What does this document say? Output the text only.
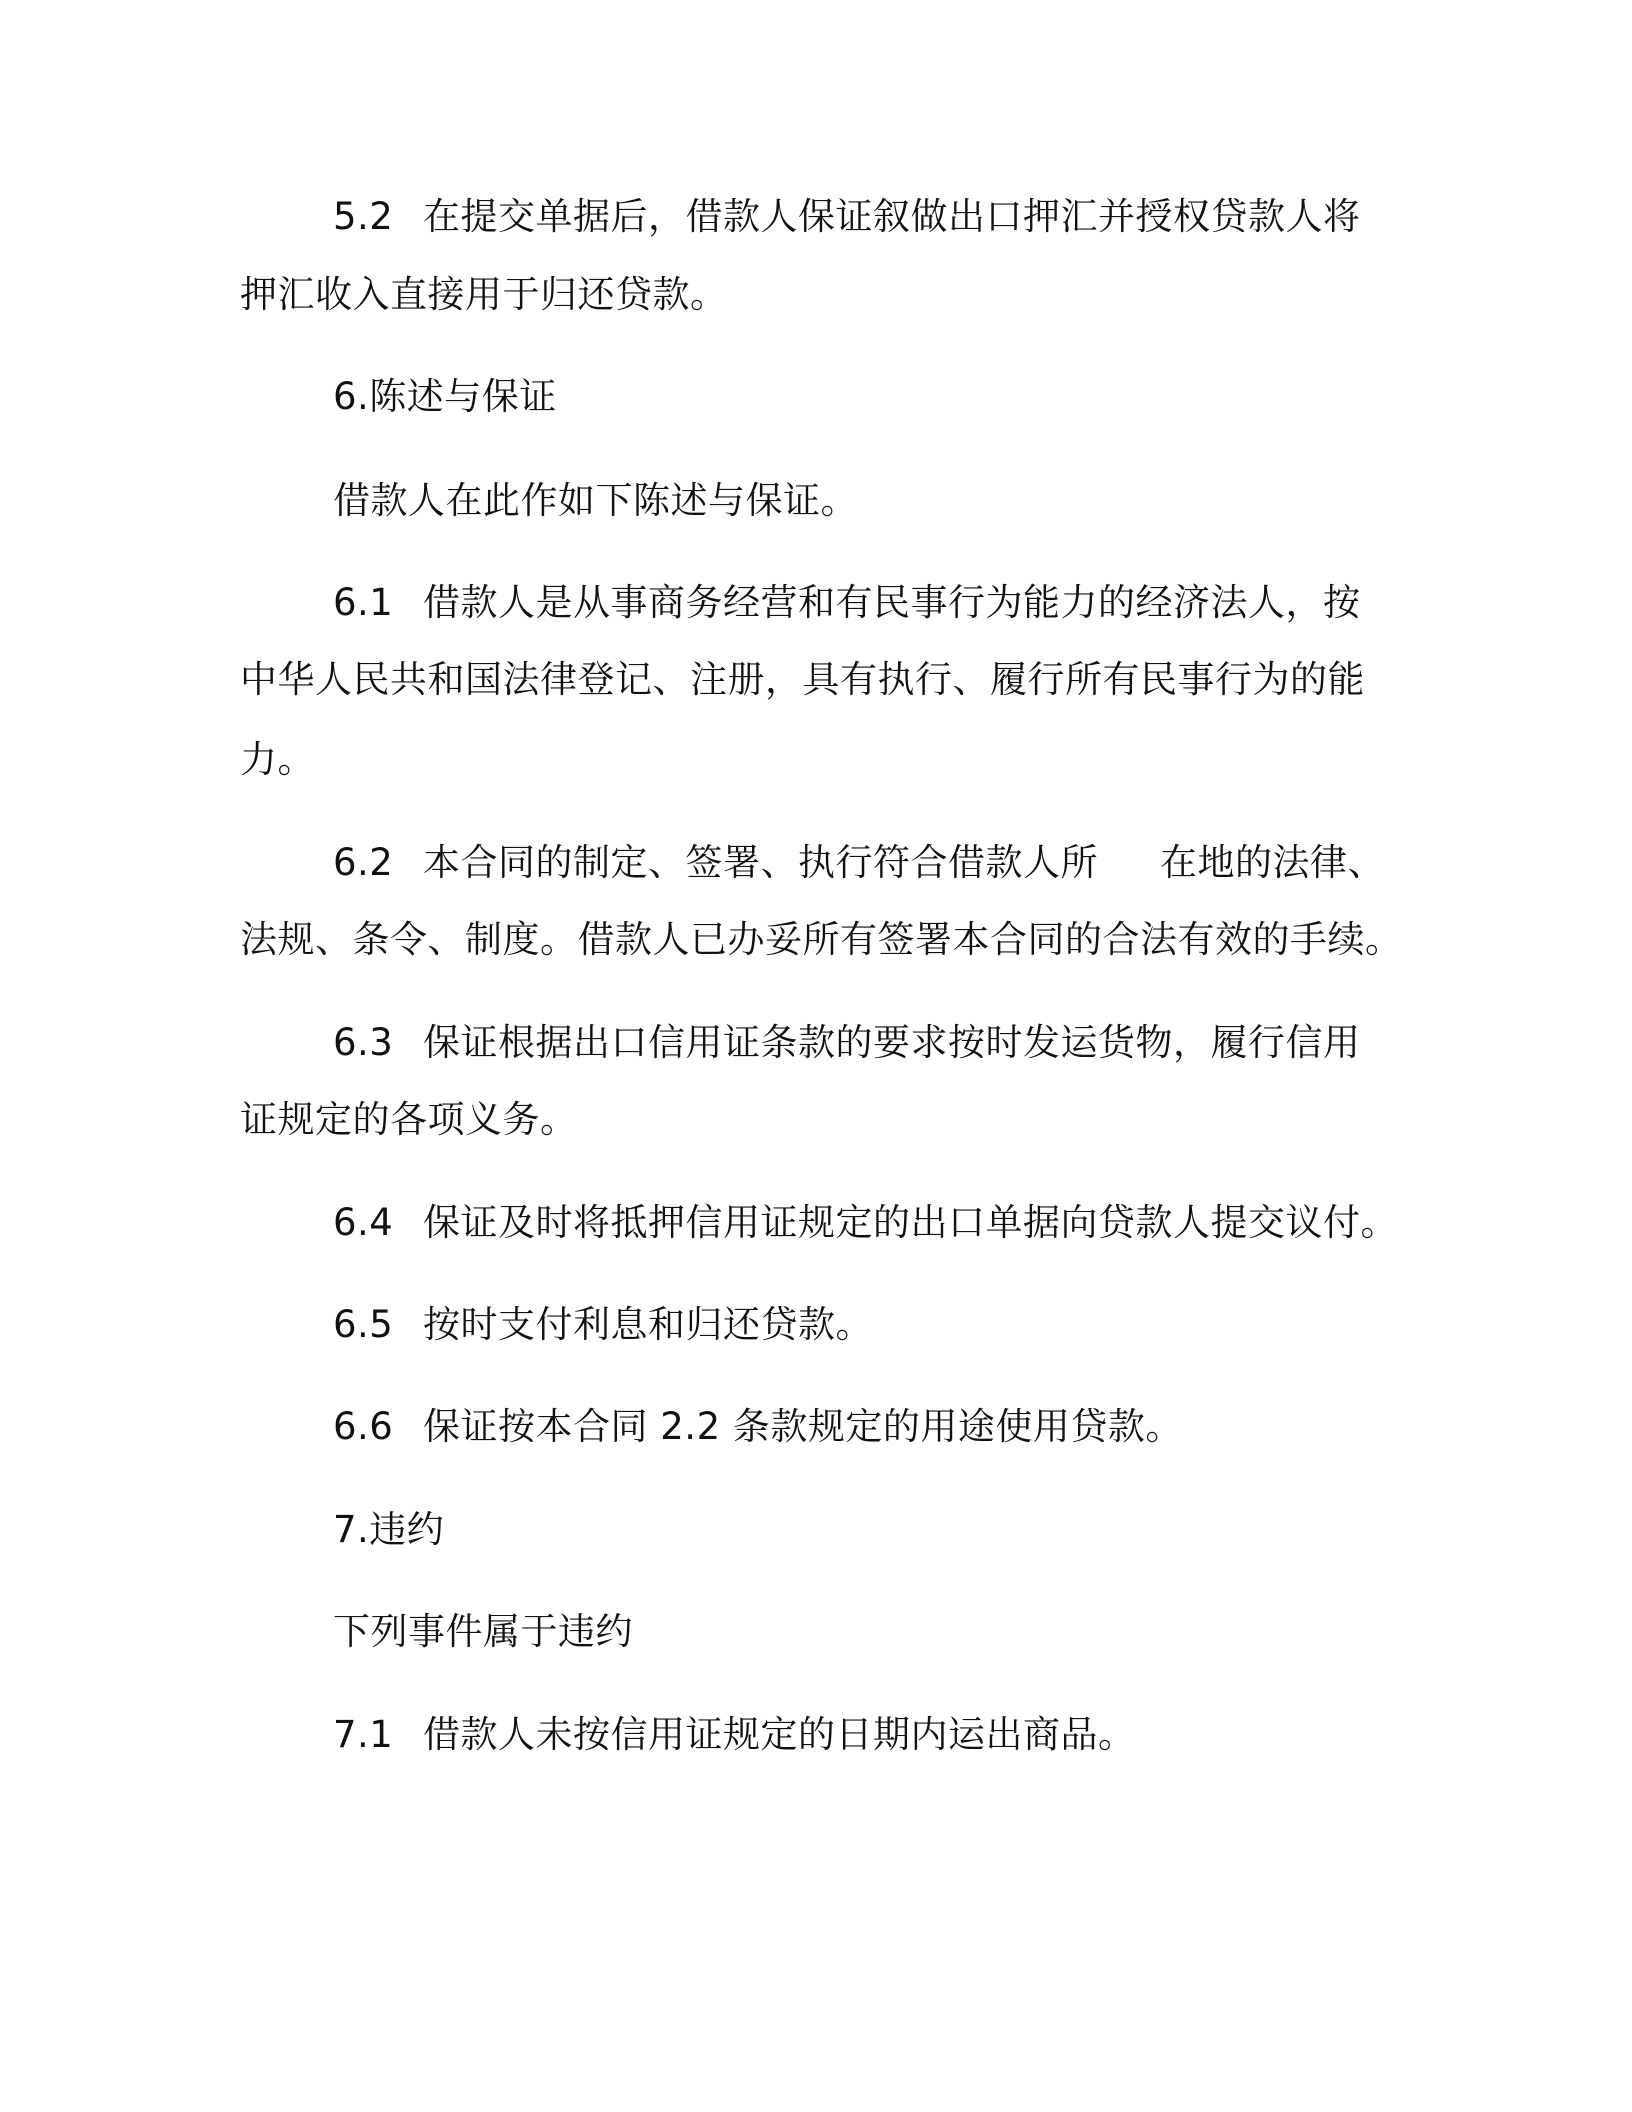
5.2 在提交单据后，借款人保证叙做出口押汇并授权贷款人将
押汇收入直接用于归还贷款。
6.陈述与保证
借款人在此作如下陈述与保证。
6.1 借款人是从事商务经营和有民事行为能力的经济法人，按
中华人民共和国法律登记、注册，具有执行、履行所有民事行为的能
力。
6.2 本合同的制定、签署、执行符合借款人所 在地的法律、
法规、条令、制度。借款人已办妥所有签署本合同的合法有效的手续。
6.3 保证根据出口信用证条款的要求按时发运货物，履行信用
证规定的各项义务。
6.4 保证及时将抵押信用证规定的出口单据向贷款人提交议付。
6.5 按时支付利息和归还贷款。
6.6 保证按本合同 2.2 条款规定的用途使用贷款。
7.违约
下列事件属于违约
7.1 借款人未按信用证规定的日期内运出商品。
